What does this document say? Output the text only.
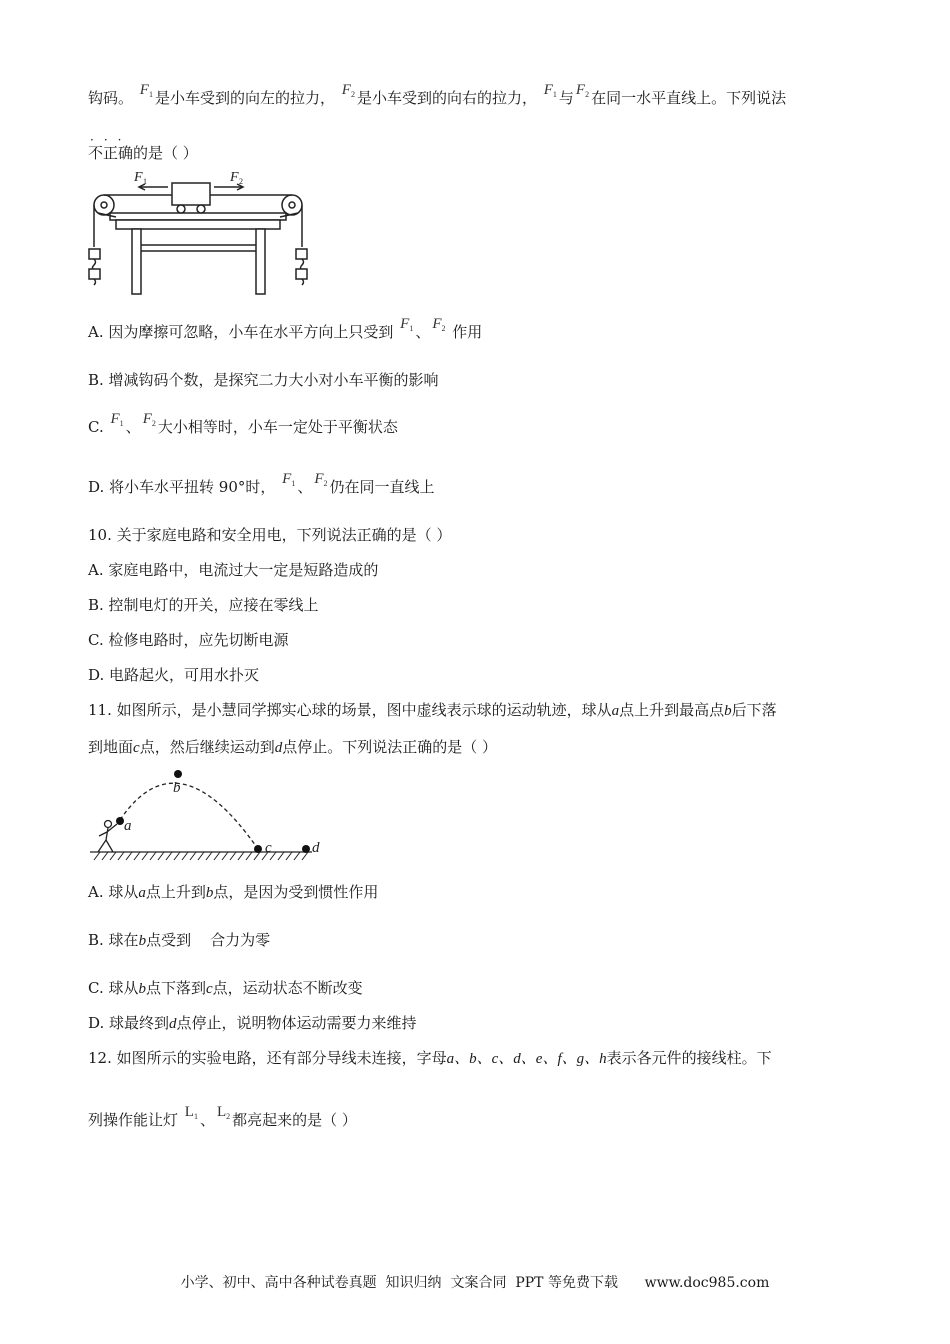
钩码。 $F_1$ 是小车受到的向左的拉力， $F_2$ 是小车受到的向右的拉力， $F_1$ 与 $F_2$ 在同一水平直线上。下列说法
···
不正确的是（ ）
F 1	F 2
A. 因为摩擦可忽略，小车在水平方向上只受到 $F_1$ 、 $F_2$ 作用
B. 增减钩码个数，是探究二力大小对小车平衡的影响
C. $F_1$ 、 $F_2$ 大小相等时，小车一定处于平衡状态
D. 将小车水平扭转 90°时， $F_1$ 、 $F_2$ 仍在同一直线上
10. 关于家庭电路和安全用电，下列说法正确的是（ ）
A. 家庭电路中，电流过大一定是短路造成的
B. 控制电灯的开关，应接在零线上
C. 检修电路时，应先切断电源
D. 电路起火，可用水扑灭
11. 如图所示，是小慧同学掷实心球的场景，图中虚线表示球的运动轨迹，球从a点上升到最高点b后下落
到地面c点，然后继续运动到d点停止。下列说法正确的是（ ）
a
b
c	d
A. 球从a点上升到b点，是因为受到惯性作用
B. 球在b点受到    合力为零
C. 球从b点下落到c点，运动状态不断改变
D. 球最终到d点停止，说明物体运动需要力来维持
12. 如图所示的实验电路，还有部分导线未连接，字母a、b、c、d、e、f、g、h表示各元件的接线柱。下
列操作能让灯 $L_1$ 、 $L_2$ 都亮起来的是（ ）
小学、初中、高中各种试卷真题  知识归纳  文案合同  PPT 等免费下载      www.doc985.com
